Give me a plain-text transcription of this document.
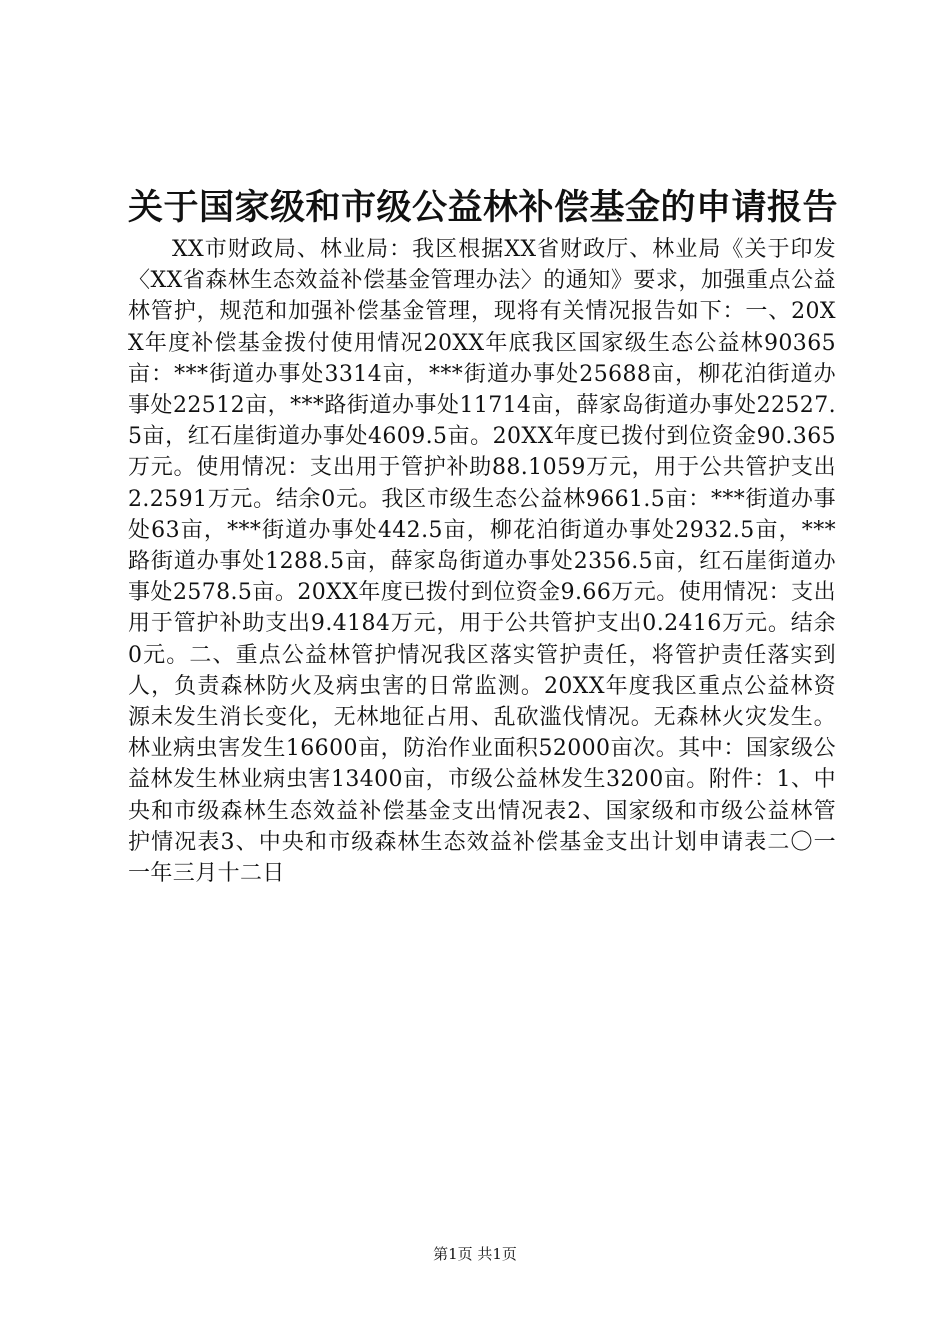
关于国家级和市级公益林补偿基金的申请报告

XX市财政局、林业局：我区根据XX省财政厅、林业局《关于印发〈XX省森林生态效益补偿基金管理办法〉的通知》要求，加强重点公益林管护，规范和加强补偿基金管理，现将有关情况报告如下：一、20XX年度补偿基金拨付使用情况20XX年底我区国家级生态公益林90365亩：***街道办事处3314亩，***街道办事处25688亩，柳花泊街道办事处22512亩，***路街道办事处11714亩，薛家岛街道办事处22527.5亩，红石崖街道办事处4609.5亩。20XX年度已拨付到位资金90.365万元。使用情况：支出用于管护补助88.1059万元，用于公共管护支出2.2591万元。结余0元。我区市级生态公益林9661.5亩：***街道办事处63亩，***街道办事处442.5亩，柳花泊街道办事处2932.5亩，***路街道办事处1288.5亩，薛家岛街道办事处2356.5亩，红石崖街道办事处2578.5亩。20XX年度已拨付到位资金9.66万元。使用情况：支出用于管护补助支出9.4184万元，用于公共管护支出0.2416万元。结余0元。二、重点公益林管护情况我区落实管护责任，将管护责任落实到人，负责森林防火及病虫害的日常监测。20XX年度我区重点公益林资源未发生消长变化，无林地征占用、乱砍滥伐情况。无森林火灾发生。林业病虫害发生16600亩，防治作业面积52000亩次。其中：国家级公益林发生林业病虫害13400亩，市级公益林发生3200亩。附件：1、中央和市级森林生态效益补偿基金支出情况表2、国家级和市级公益林管护情况表3、中央和市级森林生态效益补偿基金支出计划申请表二〇一一年三月十二日

第1页 共1页
